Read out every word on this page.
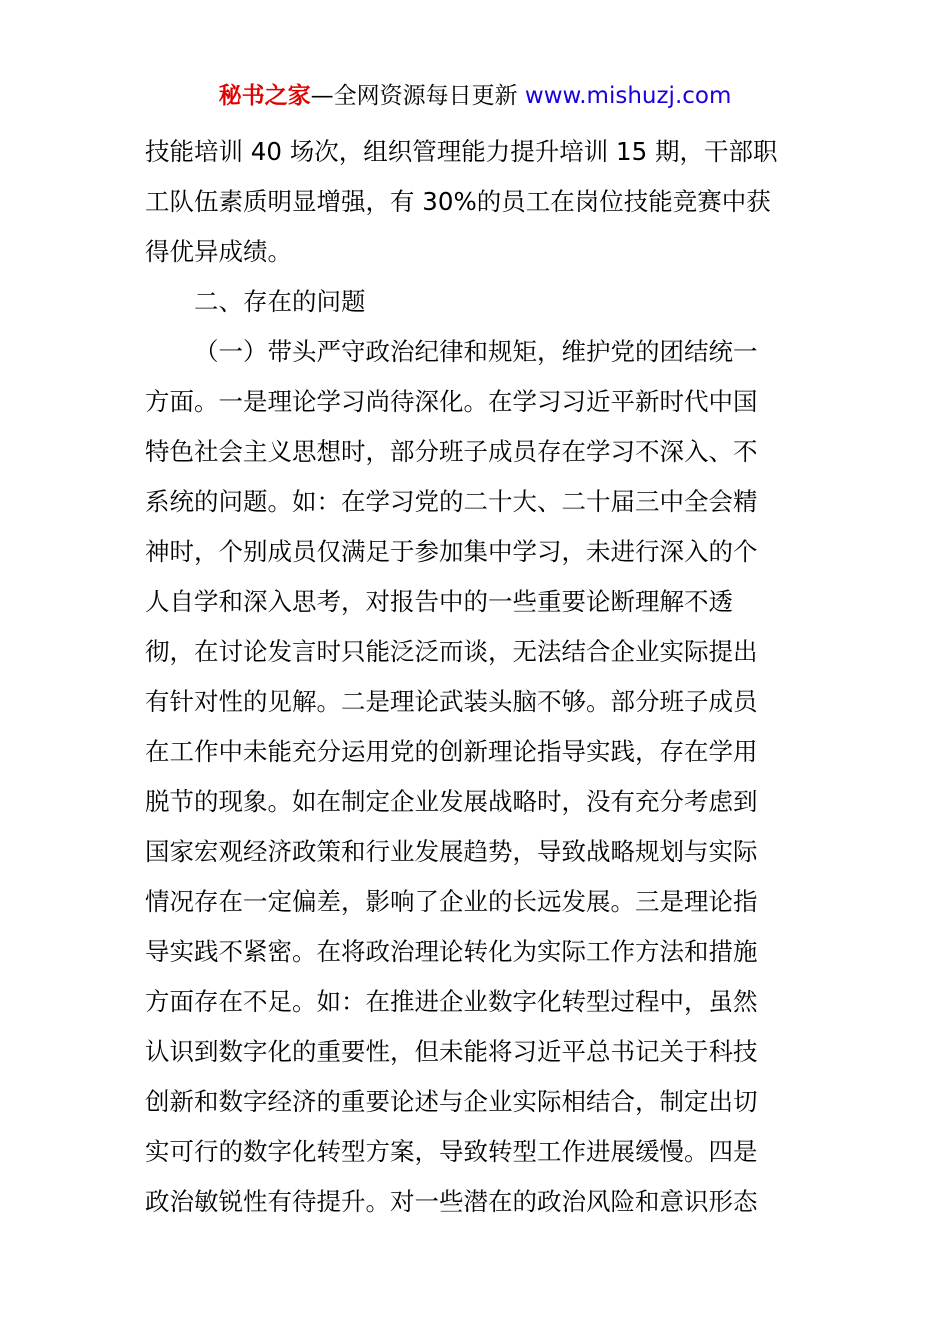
秘书之家—全网资源每日更新 www.mishuzj.com
技能培训 40 场次，组织管理能力提升培训 15 期，干部职
工队伍素质明显增强，有 30%的员工在岗位技能竞赛中获
得优异成绩。
二、存在的问题
（一）带头严守政治纪律和规矩，维护党的团结统一
方面。一是理论学习尚待深化。在学习习近平新时代中国
特色社会主义思想时，部分班子成员存在学习不深入、不
系统的问题。如：在学习党的二十大、二十届三中全会精
神时，个别成员仅满足于参加集中学习，未进行深入的个
人自学和深入思考，对报告中的一些重要论断理解不透
彻，在讨论发言时只能泛泛而谈，无法结合企业实际提出
有针对性的见解。二是理论武装头脑不够。部分班子成员
在工作中未能充分运用党的创新理论指导实践，存在学用
脱节的现象。如在制定企业发展战略时，没有充分考虑到
国家宏观经济政策和行业发展趋势，导致战略规划与实际
情况存在一定偏差，影响了企业的长远发展。三是理论指
导实践不紧密。在将政治理论转化为实际工作方法和措施
方面存在不足。如：在推进企业数字化转型过程中，虽然
认识到数字化的重要性，但未能将习近平总书记关于科技
创新和数字经济的重要论述与企业实际相结合，制定出切
实可行的数字化转型方案，导致转型工作进展缓慢。四是
政治敏锐性有待提升。对一些潜在的政治风险和意识形态
